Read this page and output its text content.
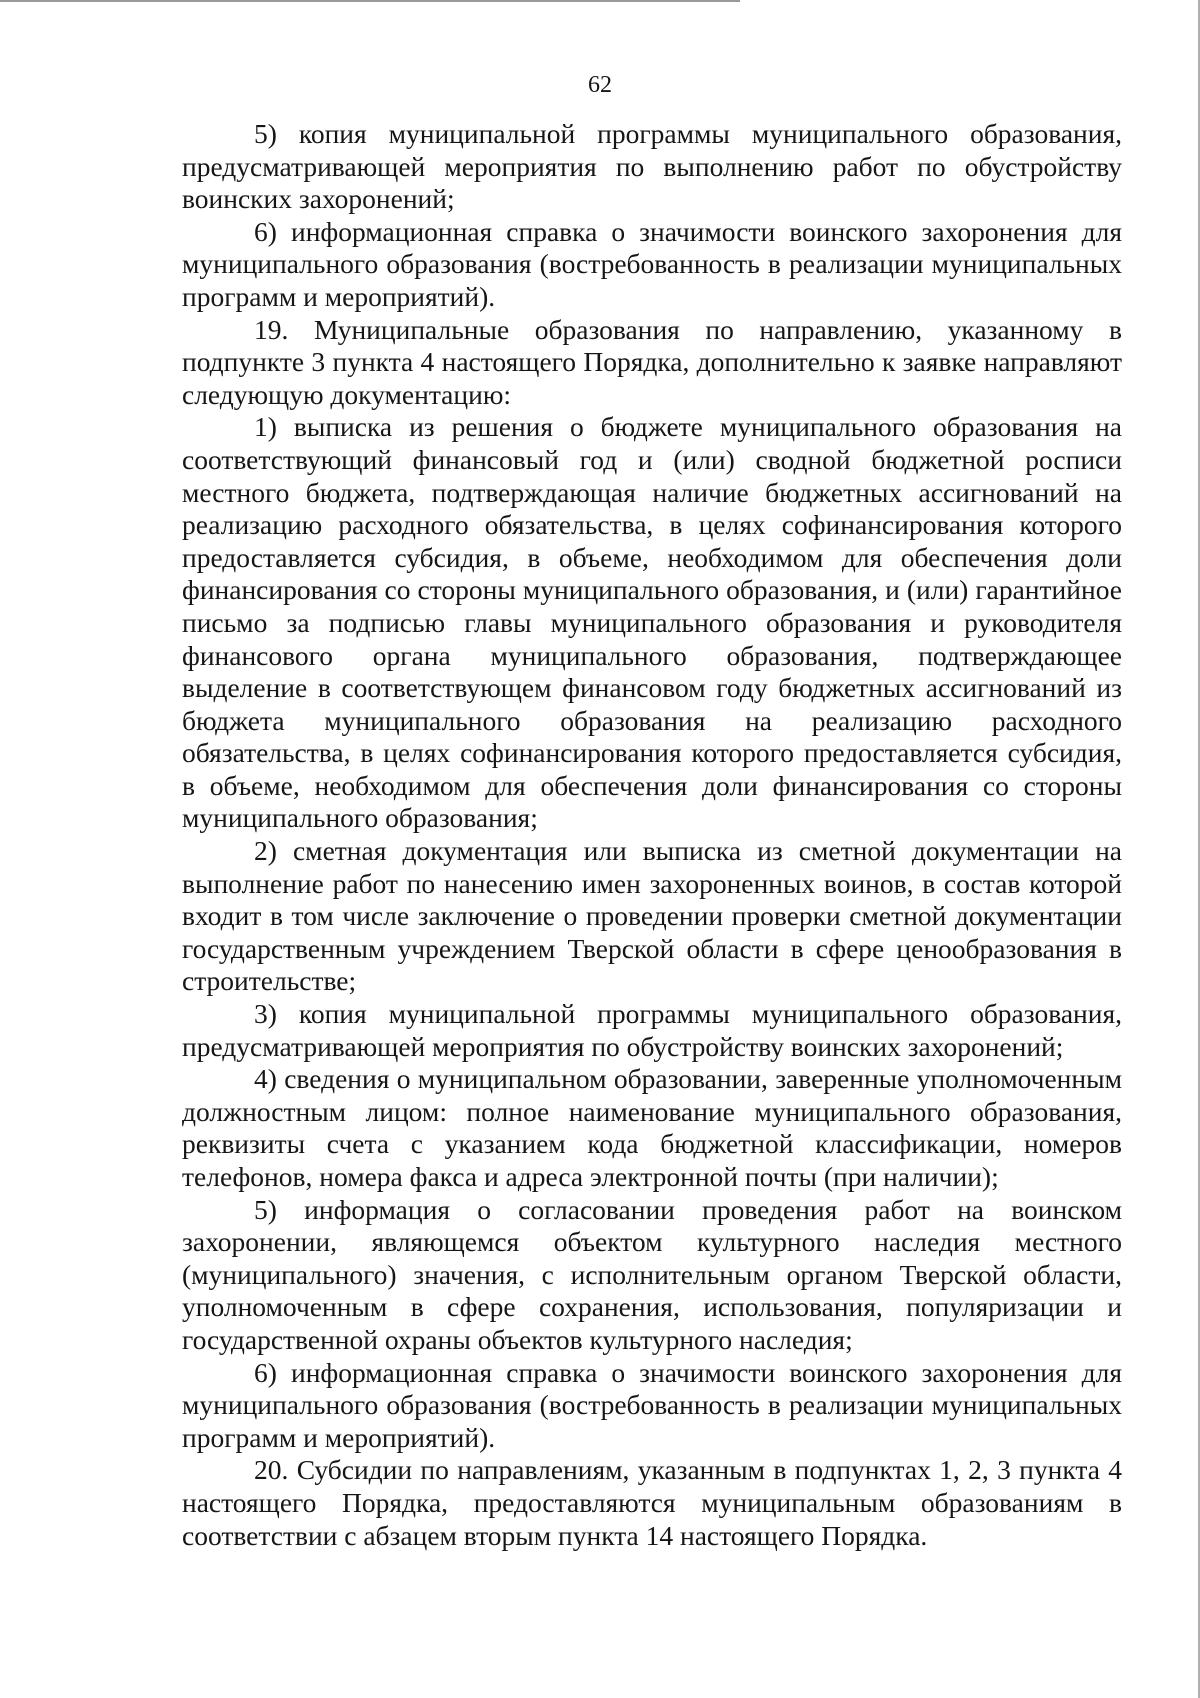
62

5) копия муниципальной программы муниципального образования, предусматривающей мероприятия по выполнению работ по обустройству воинских захоронений;

6) информационная справка о значимости воинского захоронения для муниципального образования (востребованность в реализации муниципальных программ и мероприятий).

19. Муниципальные образования по направлению, указанному в подпункте 3 пункта 4 настоящего Порядка, дополнительно к заявке направляют следующую документацию:

1) выписка из решения о бюджете муниципального образования на соответствующий финансовый год и (или) сводной бюджетной росписи местного бюджета, подтверждающая наличие бюджетных ассигнований на реализацию расходного обязательства, в целях софинансирования которого предоставляется субсидия, в объеме, необходимом для обеспечения доли финансирования со стороны муниципального образования, и (или) гарантийное письмо за подписью главы муниципального образования и руководителя финансового органа муниципального образования, подтверждающее выделение в соответствующем финансовом году бюджетных ассигнований из бюджета муниципального образования на реализацию расходного обязательства, в целях софинансирования которого предоставляется субсидия, в объеме, необходимом для обеспечения доли финансирования со стороны муниципального образования;

2) сметная документация или выписка из сметной документации на выполнение работ по нанесению имен захороненных воинов, в состав которой входит в том числе заключение о проведении проверки сметной документации государственным учреждением Тверской области в сфере ценообразования в строительстве;

3) копия муниципальной программы муниципального образования, предусматривающей мероприятия по обустройству воинских захоронений;

4) сведения о муниципальном образовании, заверенные уполномоченным должностным лицом: полное наименование муниципального образования, реквизиты счета с указанием кода бюджетной классификации, номеров телефонов, номера факса и адреса электронной почты (при наличии);

5) информация о согласовании проведения работ на воинском захоронении, являющемся объектом культурного наследия местного (муниципального) значения, с исполнительным органом Тверской области, уполномоченным в сфере сохранения, использования, популяризации и государственной охраны объектов культурного наследия;

6) информационная справка о значимости воинского захоронения для муниципального образования (востребованность в реализации муниципальных программ и мероприятий).

20. Субсидии по направлениям, указанным в подпунктах 1, 2, 3 пункта 4 настоящего Порядка, предоставляются муниципальным образованиям в соответствии с абзацем вторым пункта 14 настоящего Порядка.
